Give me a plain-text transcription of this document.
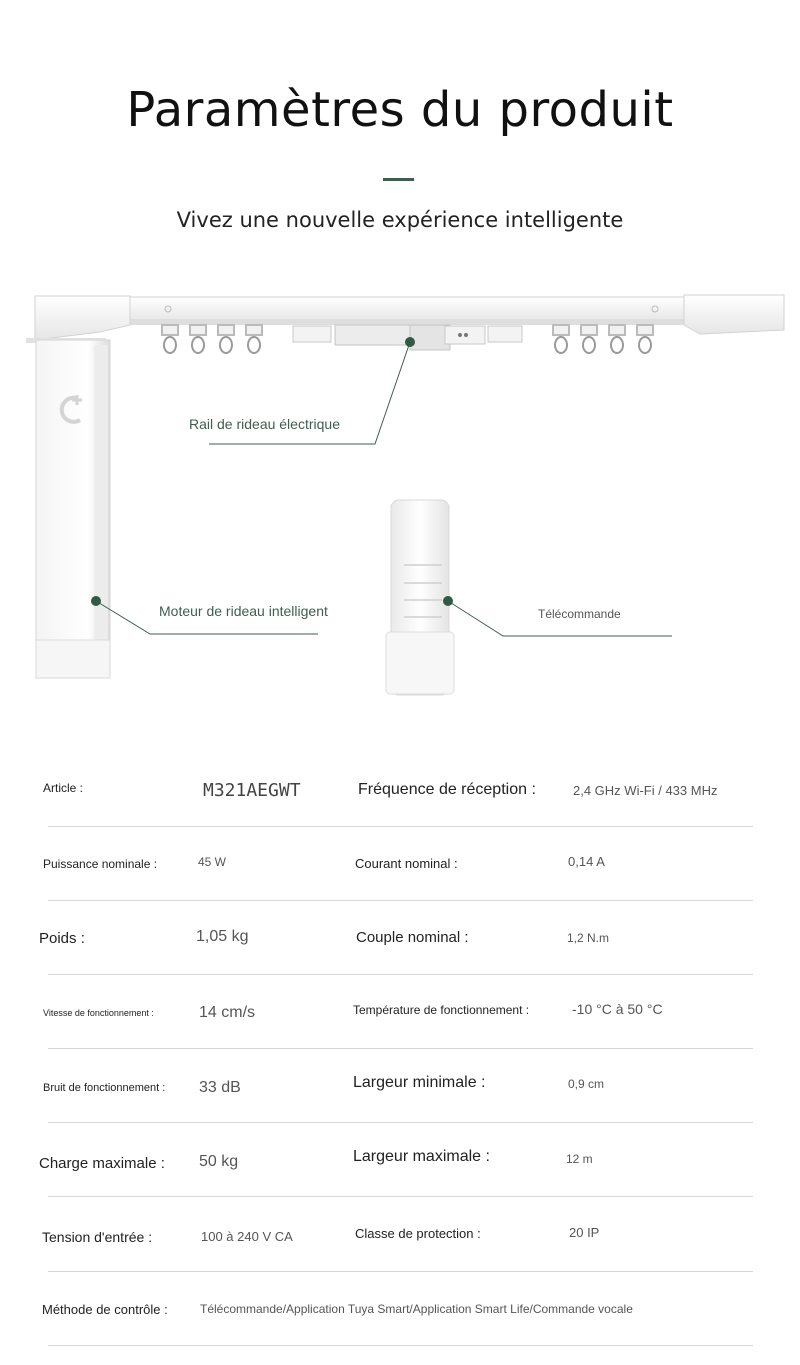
Paramètres du produit
Vivez une nouvelle expérience intelligente
Rail de rideau électrique
Moteur de rideau intelligent	Télécommande
Article :	M321AEGWT	Fréquence de réception :	2,4 GHz Wi-Fi / 433 MHz
Puissance nominale :	45 W	Courant nominal :	0,14 A
Poids :	1,05 kg	Couple nominal :	1,2 N.m
Vitesse de fonctionnement :	14 cm/s	Température de fonctionnement :	-10 °C à 50 °C
Bruit de fonctionnement : 33 dB	Largeur minimale :	0,9 cm
Charge maximale : 50 kg	Largeur maximale :	12 m
Tension d'entrée :	100 à 240 V CA	Classe de protection :	20 IP
Méthode de contrôle :	Télécommande/Application Tuya Smart/Application Smart Life/Commande vocale
